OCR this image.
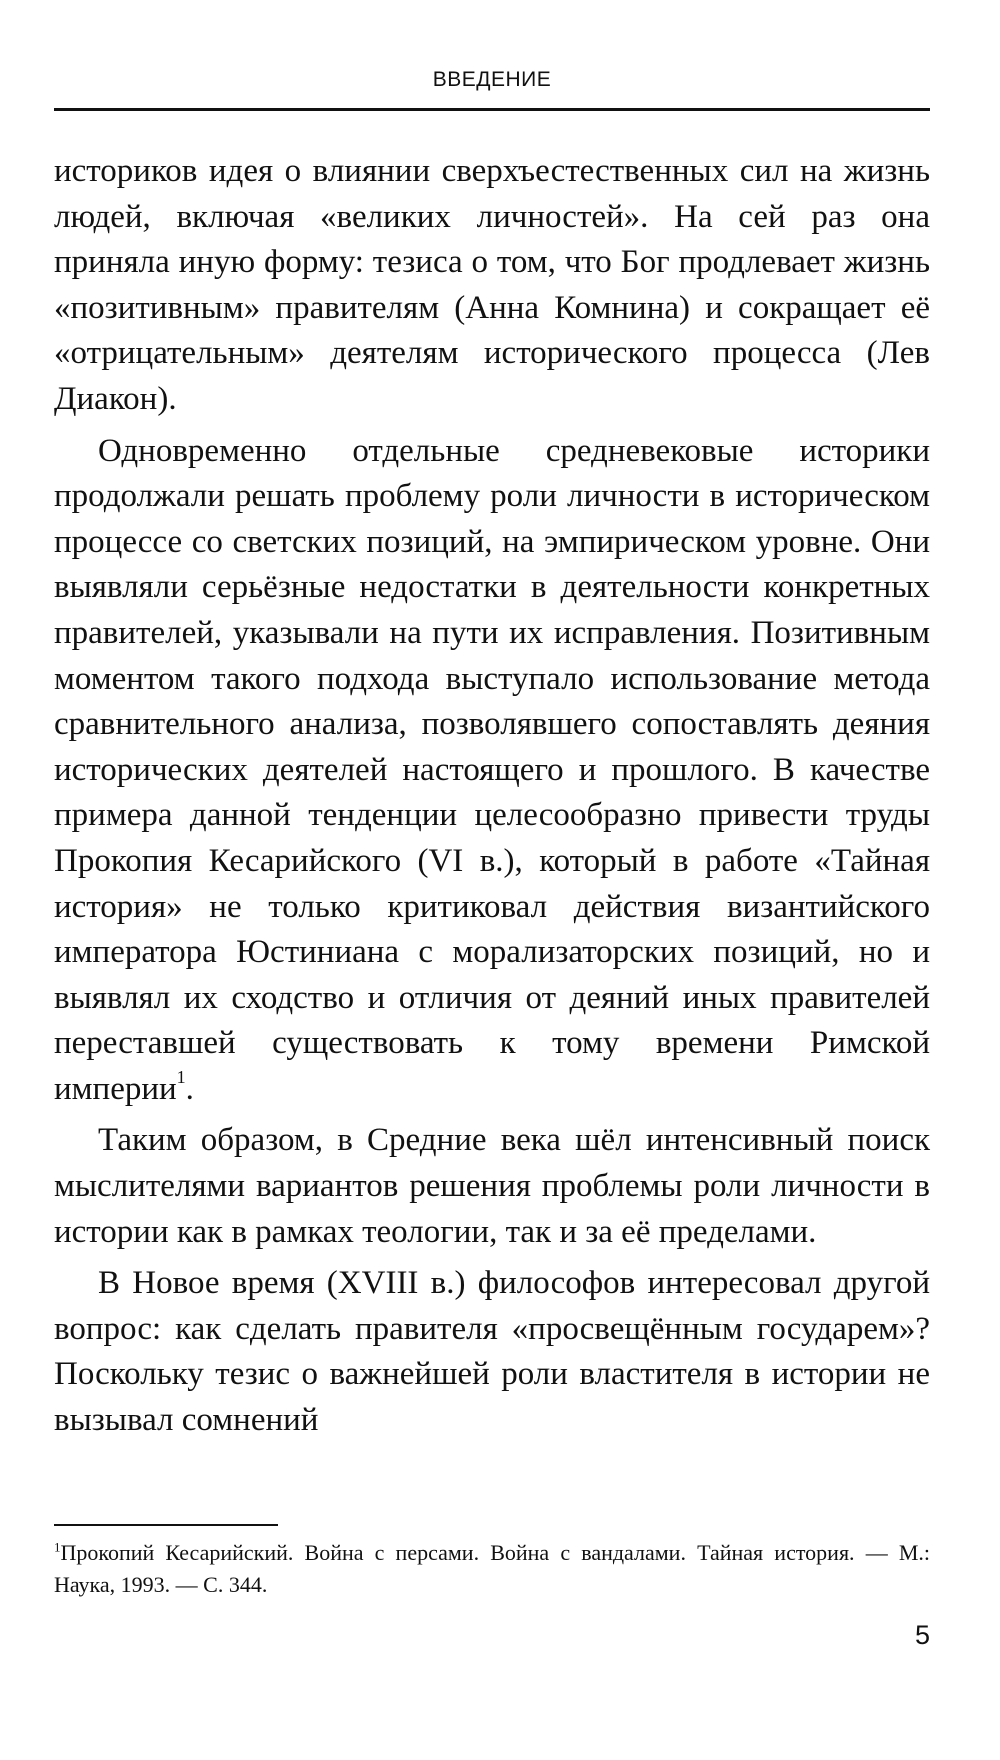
ВВЕДЕНИЕ

историков идея о влиянии сверхъестественных сил на жизнь людей, включая «великих личностей». На сей раз она приняла иную форму: тезиса о том, что Бог продлевает жизнь «позитивным» правителям (Анна Комнина) и сокращает её «отрицательным» деятелям исторического процесса (Лев Диакон).

Одновременно отдельные средневековые историки продолжали решать проблему роли личности в историческом процессе со светских позиций, на эмпирическом уровне. Они выявляли серьёзные недостатки в деятельности конкретных правителей, указывали на пути их исправления. Позитивным моментом такого подхода выступало использование метода сравнительного анализа, позволявшего сопоставлять деяния исторических деятелей настоящего и прошлого. В качестве примера данной тенденции целесообразно привести труды Прокопия Кесарийского (VI в.), который в работе «Тайная история» не только критиковал действия византийского императора Юстиниана с морализаторских позиций, но и выявлял их сходство и отличия от деяний иных правителей переставшей существовать к тому времени Римской империи$^1$.

Таким образом, в Средние века шёл интенсивный поиск мыслителями вариантов решения проблемы роли личности в истории как в рамках теологии, так и за её пределами.

В Новое время (XVIII в.) философов интересовал другой вопрос: как сделать правителя «просвещённым государем»? Поскольку тезис о важнейшей роли властителя в истории не вызывал сомнений

$^1$Прокопий Кесарийский. Война с персами. Война с вандалами. Тайная история. — М.: Наука, 1993. — С. 344.
5
